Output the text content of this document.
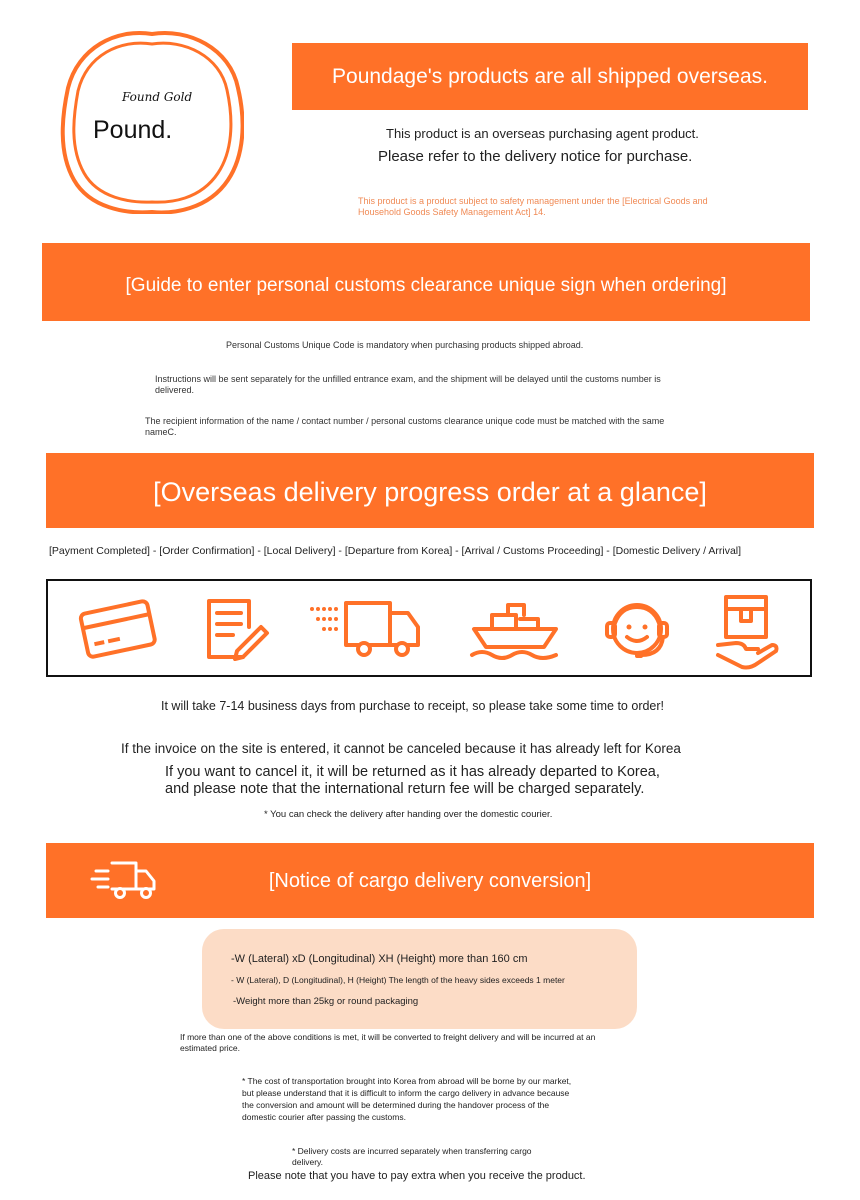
Found Gold
Pound.
Poundage's products are all shipped overseas.
This product is an overseas purchasing agent product.
Please refer to the delivery notice for purchase.
This product is a product subject to safety management under the [Electrical Goods and
Household Goods Safety Management Act] 14.
[Guide to enter personal customs clearance unique sign when ordering]
Personal Customs Unique Code is mandatory when purchasing products shipped abroad.
Instructions will be sent separately for the unfilled entrance exam, and the shipment will be delayed until the customs number is
delivered.
The recipient information of the name / contact number / personal customs clearance unique code must be matched with the same
nameC.
[Overseas delivery progress order at a glance]
[Payment Completed] - [Order Confirmation] - [Local Delivery] - [Departure from Korea] - [Arrival / Customs Proceeding] - [Domestic Delivery / Arrival]
It will take 7-14 business days from purchase to receipt, so please take some time to order!
If the invoice on the site is entered, it cannot be canceled because it has already left for Korea
If you want to cancel it, it will be returned as it has already departed to Korea,
and please note that the international return fee will be charged separately.
* You can check the delivery after handing over the domestic courier.
[Notice of cargo delivery conversion]
-W (Lateral) xD (Longitudinal) XH (Height) more than 160 cm
- W (Lateral), D (Longitudinal), H (Height) The length of the heavy sides exceeds 1 meter
-Weight more than 25kg or round packaging
If more than one of the above conditions is met, it will be converted to freight delivery and will be incurred at an
estimated price.
* The cost of transportation brought into Korea from abroad will be borne by our market,
but please understand that it is difficult to inform the cargo delivery in advance because
the conversion and amount will be determined during the handover process of the
domestic courier after passing the customs.
* Delivery costs are incurred separately when transferring cargo
delivery.
Please note that you have to pay extra when you receive the product.
